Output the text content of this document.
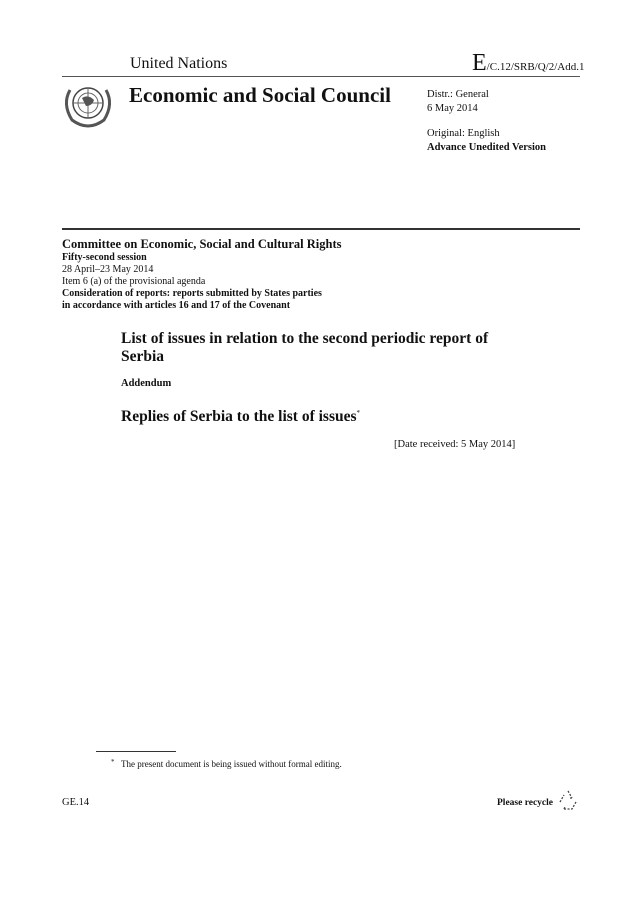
United Nations	E/C.12/SRB/Q/2/Add.1
Economic and Social Council	Distr.: General
6 May 2014
Original: English
Advance Unedited Version
Committee on Economic, Social and Cultural Rights
Fifty-second session
28 April–23 May 2014
Item 6 (a) of the provisional agenda
Consideration of reports: reports submitted by States parties
in accordance with articles 16 and 17 of the Covenant
List of issues in relation to the second periodic report of
Serbia
Addendum
Replies of Serbia to the list of issues*
[Date received: 5 May 2014]
* The present document is being issued without formal editing.
GE.14	Please recycle
